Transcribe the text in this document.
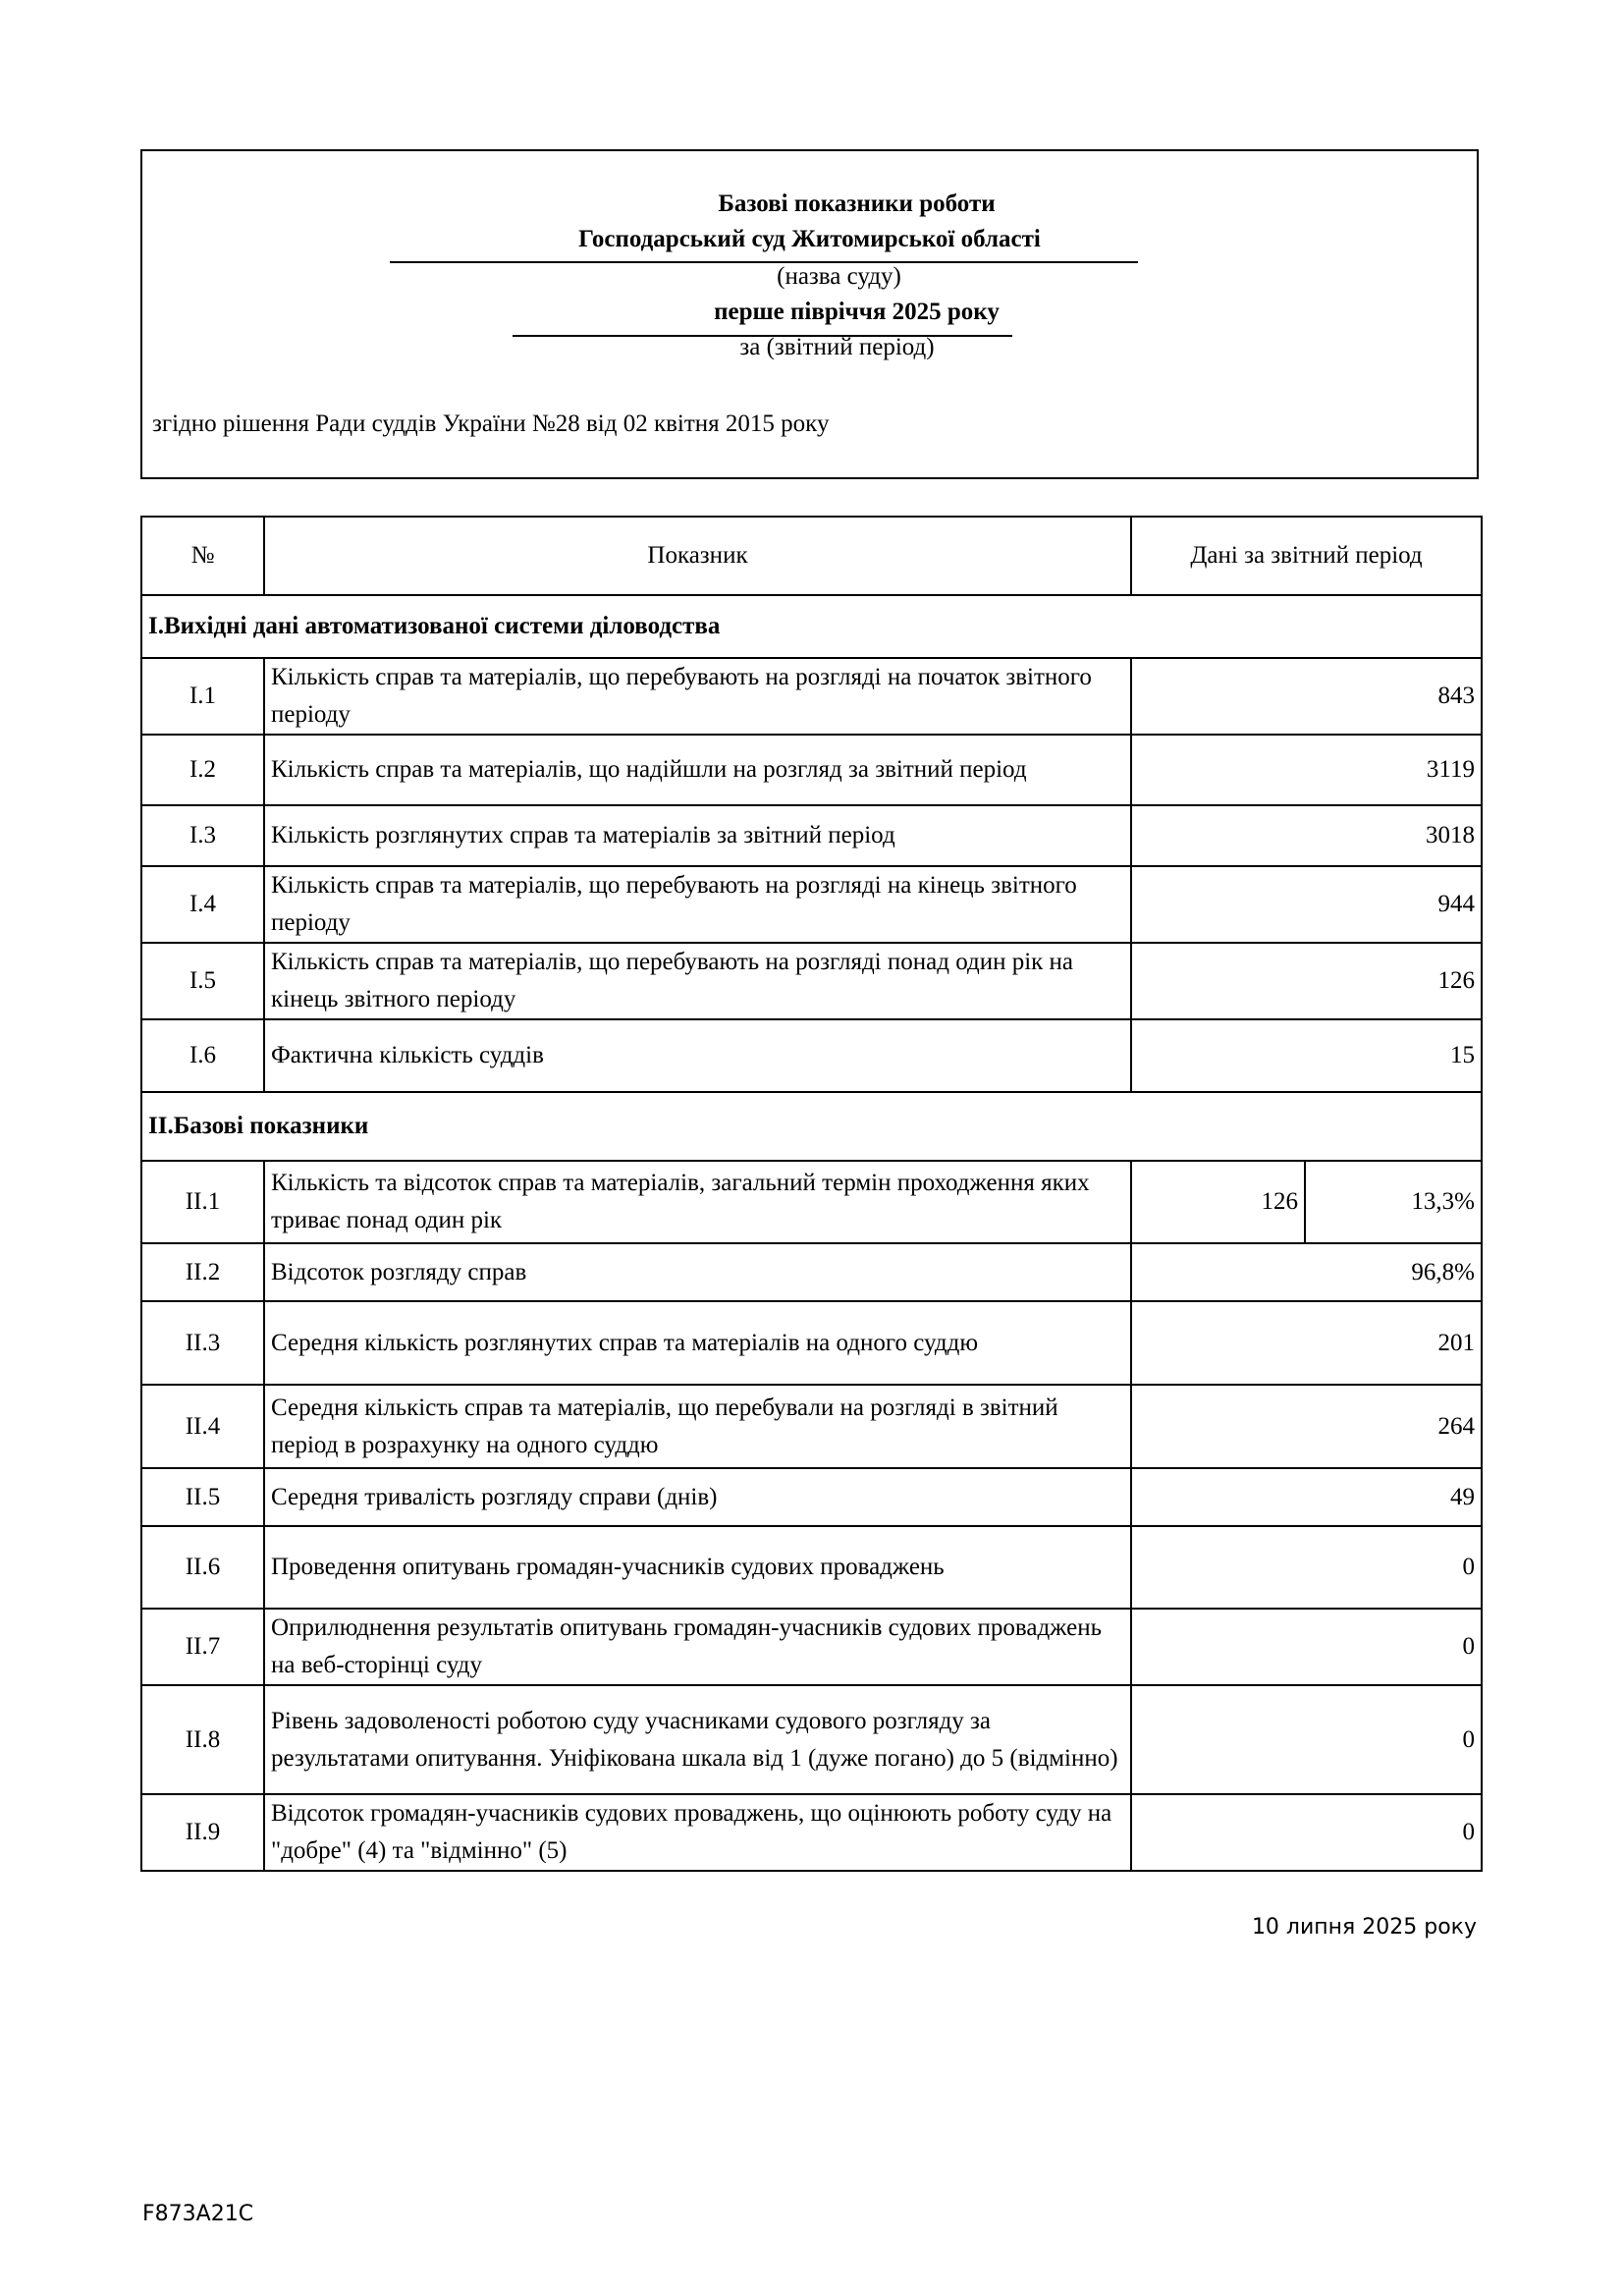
Базові показники роботи
Господарський суд Житомирської області
(назва суду)
перше півріччя 2025 року
за (звітний період)
згідно рішення Ради суддів України №28 від 02 квітня 2015 року
№	Показник	Дані за звітний період	
I.Вихідні дані автоматизованої системи діловодства			
I.1	Кількість справ та матеріалів, що перебувають на розгляді на початок звітного періоду	843	
I.2	Кількість справ та матеріалів, що надійшли на розгляд за звітний період	3119	
I.3	Кількість розглянутих справ та матеріалів за звітний період	3018	
I.4	Кількість справ та матеріалів, що перебувають на розгляді на кінець звітного періоду	944	
I.5	Кількість справ та матеріалів, що перебувають на розгляді понад один рік на кінець звітного періоду	126	
I.6	Фактична кількість суддів	15	
II.Базові показники			
II.1	Кількість та відсоток справ та матеріалів, загальний термін проходження яких триває понад один рік	126	13,3%
II.2	Відсоток розгляду справ	96,8%	
II.3	Середня кількість розглянутих справ та матеріалів на одного суддю	201	
II.4	Середня кількість справ та матеріалів, що перебували на розгляді в звітний період в розрахунку на одного суддю	264	
II.5	Середня тривалість розгляду справи (днів)	49	
II.6	Проведення опитувань громадян-учасників судових проваджень	0	
II.7	Оприлюднення результатів опитувань громадян-учасників судових проваджень на веб-сторінці суду	0	
II.8	Рівень задоволеності роботою суду учасниками судового розгляду за результатами опитування. Уніфікована шкала від 1 (дуже погано) до 5 (відмінно)	0	
II.9	Відсоток громадян-учасників судових проваджень, що оцінюють роботу суду на "добре" (4) та "відмінно" (5)	0	
10 липня 2025 року
F873A21C
